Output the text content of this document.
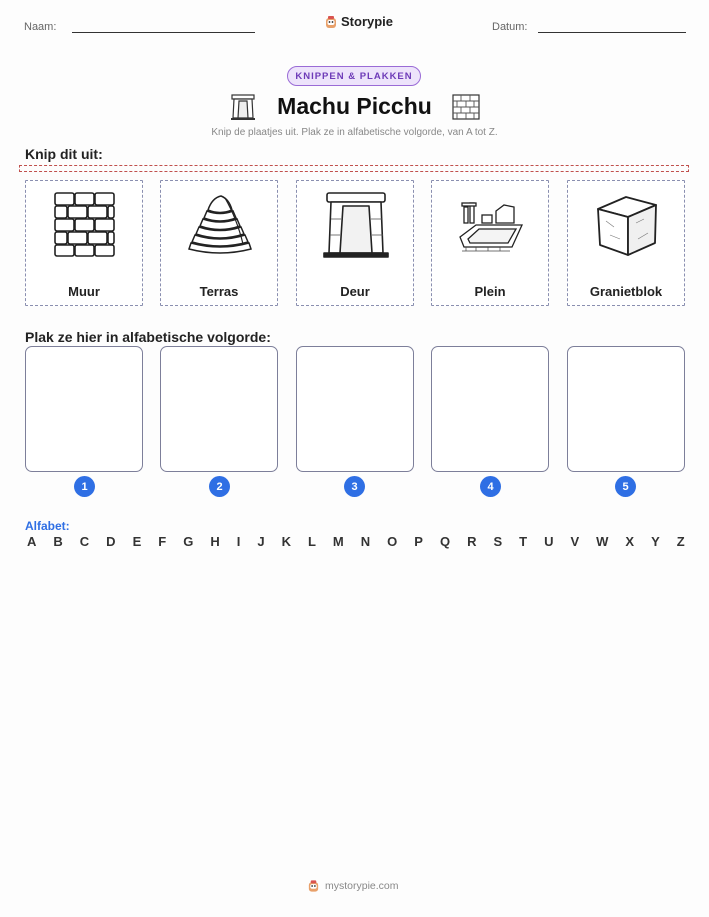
Naam:	Storypie	Datum:
KNIPPEN & PLAKKEN
Machu Picchu
Knip de plaatjes uit. Plak ze in alfabetische volgorde, van A tot Z.
Knip dit uit:
Muur	Terras	Deur	Plein	Granietblok
Plak ze hier in alfabetische volgorde:
1	2	3	4	5
Alfabet:
A B C D E F G H I J K L M N O P Q R S T U V W X Y Z
mystorypie.com
